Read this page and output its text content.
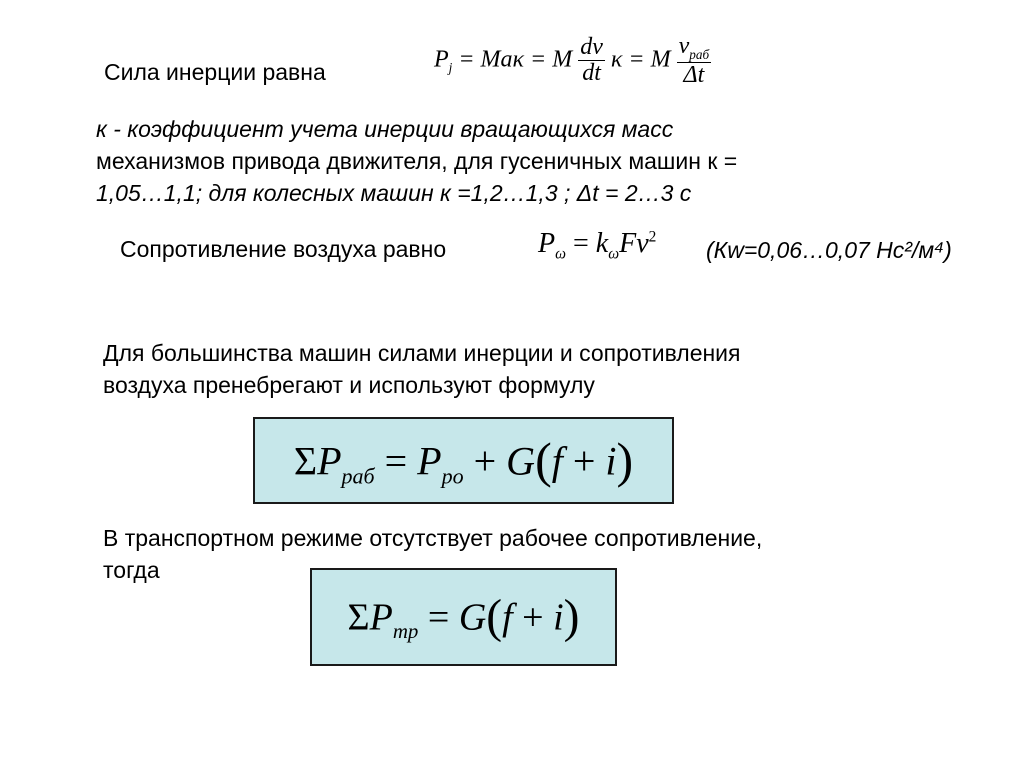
Сила инерции равна	$P_j = Mа\kappa = M \frac{dv}{dt}$ κ = M $\frac{v_{раб}}{\Delta t}$
к - коэффициент учета инерции вращающихся масс
механизмов привода движителя, для гусеничных машин к =
1,05…1,1; для колесных машин к =1,2…1,3 ; Δt = 2…3 с
Сопротивление воздуха равно	$P_\omega = k_\omega Fv^2$ (Кw=0,06…0,07 Нс²/м⁴)
Для большинства машин силами инерции и сопротивления
воздуха пренебрегают и используют формулу
$\Sigma P_{раб} = P_{ро} + G(f + i)$
В транспортном режиме отсутствует рабочее сопротивление,
тогда
$\Sigma P_{тр} = G(f + i)$
